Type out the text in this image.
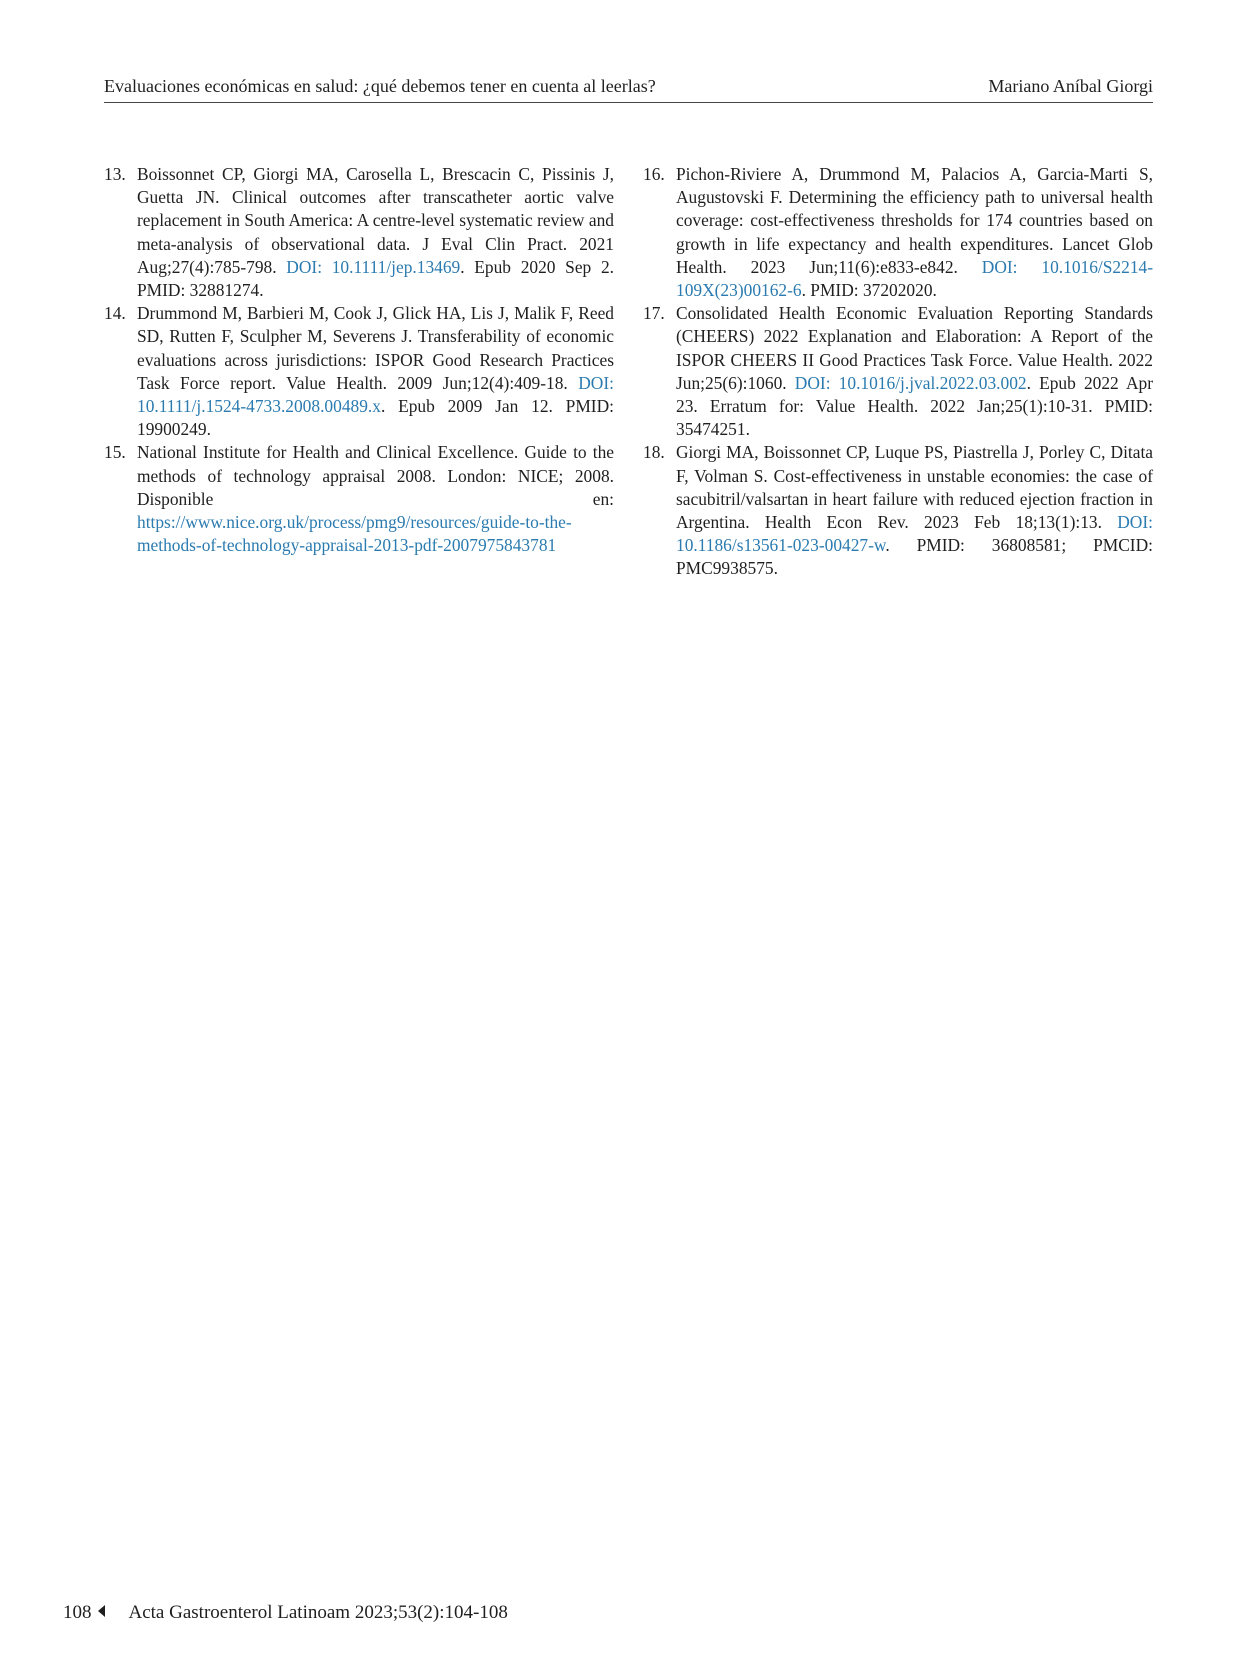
Evaluaciones económicas en salud: ¿qué debemos tener en cuenta al leerlas?	Mariano Aníbal Giorgi

13. Boissonnet CP, Giorgi MA, Carosella L, Brescacin C, Pissinis J, Guetta JN. Clinical outcomes after transcatheter aortic valve replacement in South America: A centre-level systematic review and meta-analysis of observational data. J Eval Clin Pract. 2021 Aug;27(4):785-798. DOI: 10.1111/jep.13469. Epub 2020 Sep 2. PMID: 32881274.

14. Drummond M, Barbieri M, Cook J, Glick HA, Lis J, Malik F, Reed SD, Rutten F, Sculpher M, Severens J. Transferability of economic evaluations across jurisdictions: ISPOR Good Research Practices Task Force report. Value Health. 2009 Jun;12(4):409-18. DOI: 10.1111/j.1524-4733.2008.00489.x. Epub 2009 Jan 12. PMID: 19900249.

15. National Institute for Health and Clinical Excellence. Guide to the methods of technology appraisal 2008. London: NICE; 2008. Disponible en: https://www.nice.org.uk/process/pmg9/resources/guide-to-the-methods-of-technology-appraisal-2013-pdf-2007975843781

16. Pichon-Riviere A, Drummond M, Palacios A, Garcia-Marti S, Augustovski F. Determining the efficiency path to universal health coverage: cost-effectiveness thresholds for 174 countries based on growth in life expectancy and health expenditures. Lancet Glob Health. 2023 Jun;11(6):e833-e842. DOI: 10.1016/S2214-109X(23)00162-6. PMID: 37202020.

17. Consolidated Health Economic Evaluation Reporting Standards (CHEERS) 2022 Explanation and Elaboration: A Report of the ISPOR CHEERS II Good Practices Task Force. Value Health. 2022 Jun;25(6):1060. DOI: 10.1016/j.jval.2022.03.002. Epub 2022 Apr 23. Erratum for: Value Health. 2022 Jan;25(1):10-31. PMID: 35474251.

18. Giorgi MA, Boissonnet CP, Luque PS, Piastrella J, Porley C, Ditata F, Volman S. Cost-effectiveness in unstable economies: the case of sacubitril/valsartan in heart failure with reduced ejection fraction in Argentina. Health Econ Rev. 2023 Feb 18;13(1):13. DOI: 10.1186/s13561-023-00427-w. PMID: 36808581; PMCID: PMC9938575.

108 Acta Gastroenterol Latinoam 2023;53(2):104-108
